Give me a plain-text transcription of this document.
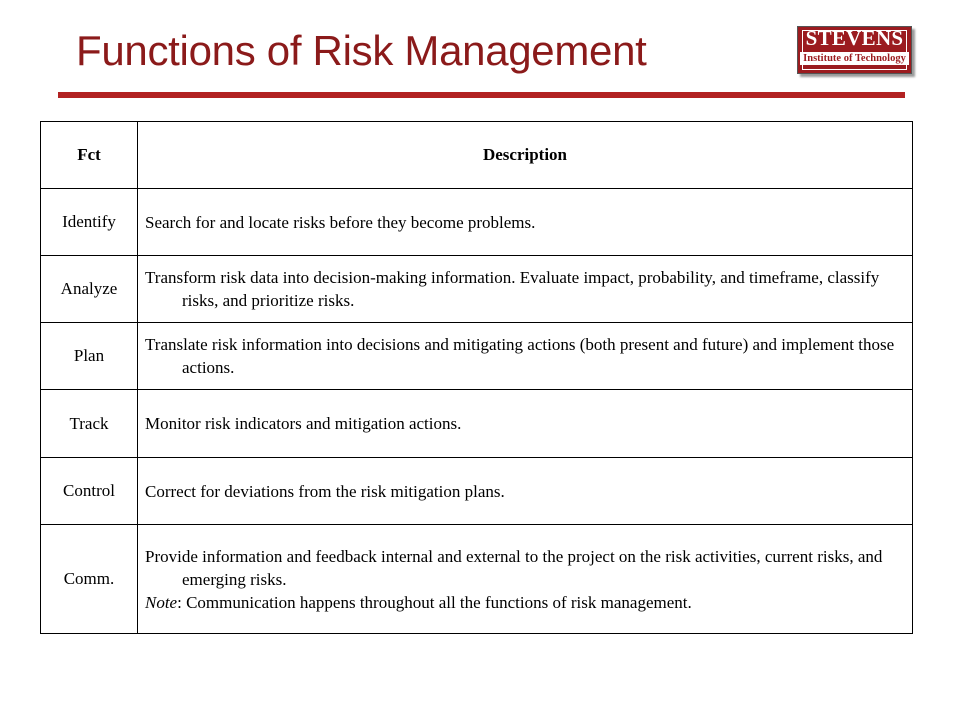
Functions of Risk Management	STEVENS
Institute of Technology
Fct	Description
Identify	Search for and locate risks before they become problems.

Analyze	Transform risk data into decision-making information. Evaluate impact, probability, and timeframe, classify risks, and prioritize risks.

Plan	Translate risk information into decisions and mitigating actions (both present and future) and implement those actions.

Track	Monitor risk indicators and mitigation actions.

Control	Correct for deviations from the risk mitigation plans.

Comm.	Provide information and feedback internal and external to the project on the risk activities, current risks, and emerging risks.
Note: Communication happens throughout all the functions of risk management.
